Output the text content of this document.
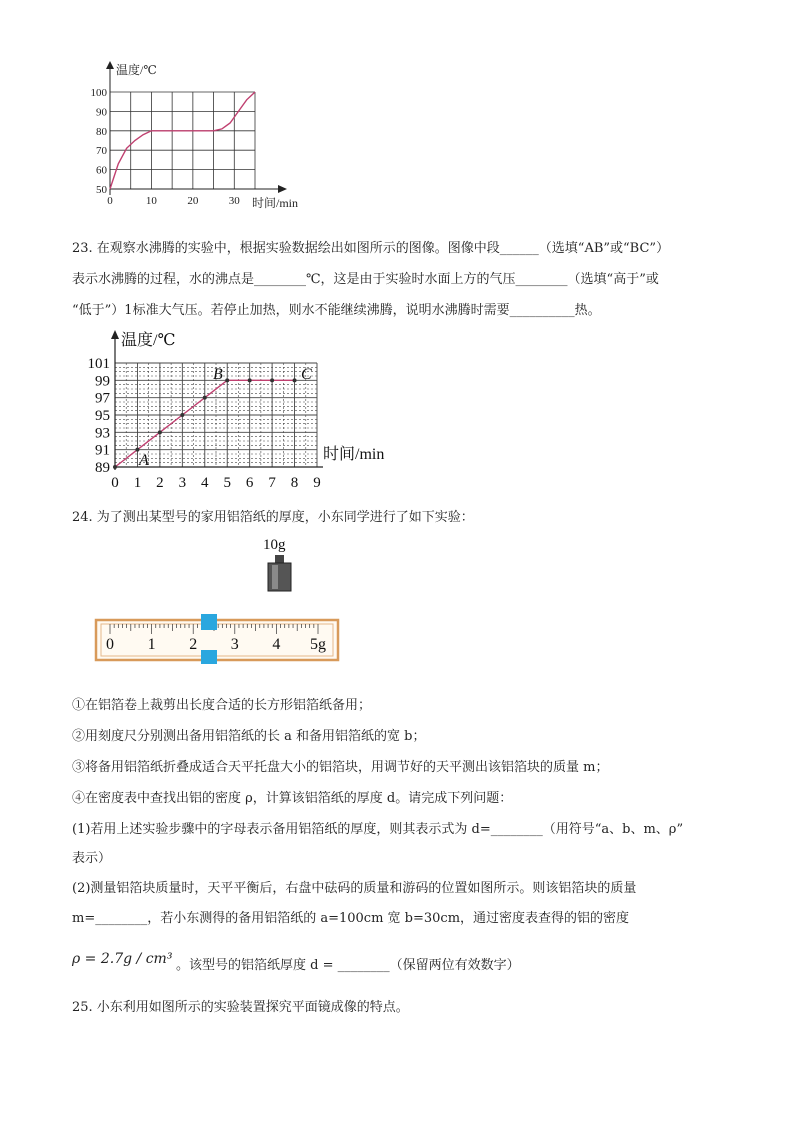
温度/℃
时间/min
100
90
80
70
60
50
0	10	20	30
23. 在观察水沸腾的实验中，根据实验数据绘出如图所示的图像。图像中段______（选填“AB”或“BC”）
表示水沸腾的过程，水的沸点是________℃，这是由于实验时水面上方的气压________（选填“高于”或
“低于”）1标准大气压。若停止加热，则水不能继续沸腾，说明水沸腾时需要__________热。
温度/℃
时间/min
101
99
97
95
93
91
89
0 1 2 3 4 5 6 7 8 9
A
B	C
24. 为了测出某型号的家用铝箔纸的厚度，小东同学进行了如下实验：
10g
0 1 2 3 4 5g
①在铝箔卷上裁剪出长度合适的长方形铝箔纸备用；
②用刻度尺分别测出备用铝箔纸的长 a 和备用铝箔纸的宽 b；
③将备用铝箔纸折叠成适合天平托盘大小的铝箔块，用调节好的天平测出该铝箔块的质量 m；
④在密度表中查找出铝的密度 ρ，计算该铝箔纸的厚度 d。请完成下列问题：
(1)若用上述实验步骤中的字母表示备用铝箔纸的厚度，则其表示式为 d=________（用符号“a、b、m、ρ”
表示）
(2)测量铝箔块质量时，天平平衡后，右盘中砝码的质量和游码的位置如图所示。则该铝箔块的质量
m=________，若小东测得的备用铝箔纸的 a=100cm 宽 b=30cm，通过密度表查得的铝的密度
ρ = 2.7g / cm³ 。该型号的铝箔纸厚度 d = ________（保留两位有效数字）
25. 小东利用如图所示的实验装置探究平面镜成像的特点。
